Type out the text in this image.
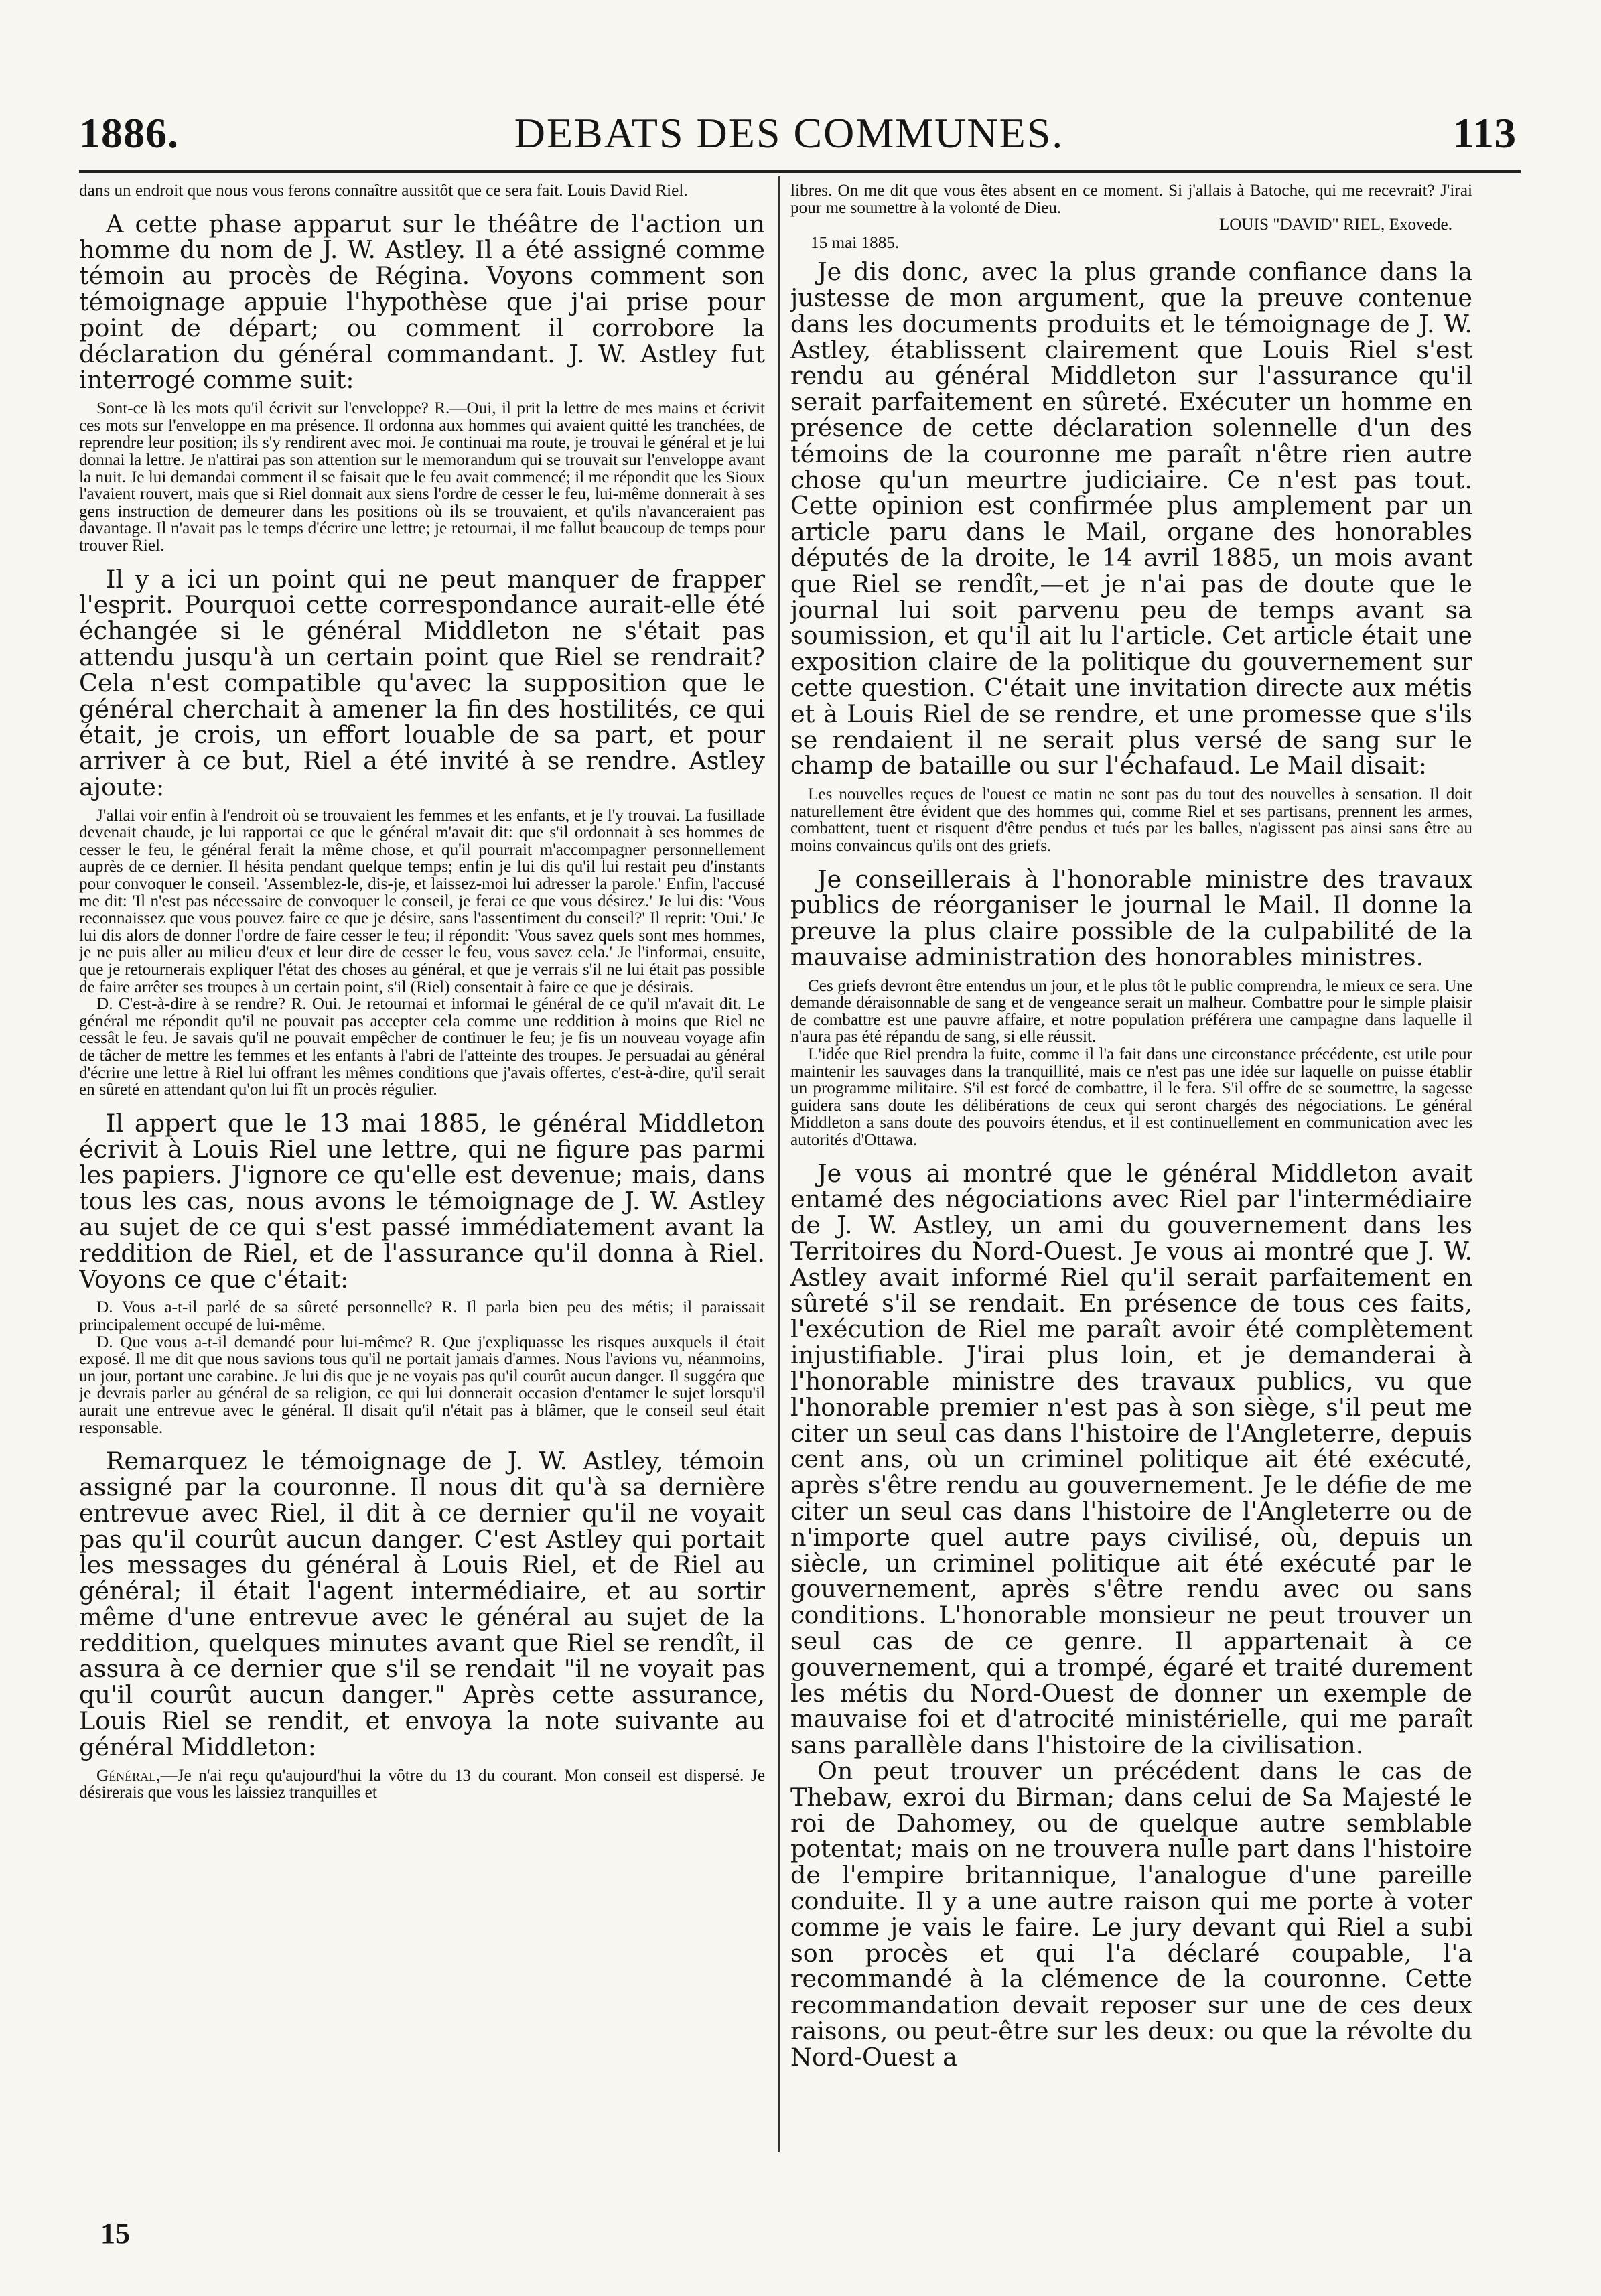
1886.	DEBATS DES COMMUNES.	113

dans un endroit que nous vous ferons connaître aussitôt que ce sera fait. Louis David Riel.

A cette phase apparut sur le théâtre de l'action un homme du nom de J. W. Astley. Il a été assigné comme témoin au procès de Régina. Voyons comment son témoignage appuie l'hypothèse que j'ai prise pour point de départ; ou comment il corrobore la déclaration du général commandant. J. W. Astley fut interrogé comme suit:

Sont-ce là les mots qu'il écrivit sur l'enveloppe? R.—Oui, il prit la lettre de mes mains et écrivit ces mots sur l'enveloppe en ma présence. Il ordonna aux hommes qui avaient quitté les tranchées, de reprendre leur position; ils s'y rendirent avec moi. Je continuai ma route, je trouvai le général et je lui donnai la lettre. Je n'attirai pas son attention sur le memorandum qui se trouvait sur l'enveloppe avant la nuit. Je lui demandai comment il se faisait que le feu avait commencé; il me répondit que les Sioux l'avaient rouvert, mais que si Riel donnait aux siens l'ordre de cesser le feu, lui-même donnerait à ses gens instruction de demeurer dans les positions où ils se trouvaient, et qu'ils n'avanceraient pas davantage. Il n'avait pas le temps d'écrire une lettre; je retournai, il me fallut beaucoup de temps pour trouver Riel.

Il y a ici un point qui ne peut manquer de frapper l'esprit. Pourquoi cette correspondance aurait-elle été échangée si le général Middleton ne s'était pas attendu jusqu'à un certain point que Riel se rendrait? Cela n'est compatible qu'avec la supposition que le général cherchait à amener la fin des hostilités, ce qui était, je crois, un effort louable de sa part, et pour arriver à ce but, Riel a été invité à se rendre. Astley ajoute:

J'allai voir enfin à l'endroit où se trouvaient les femmes et les enfants, et je l'y trouvai. La fusillade devenait chaude, je lui rapportai ce que le général m'avait dit: que s'il ordonnait à ses hommes de cesser le feu, le général ferait la même chose, et qu'il pourrait m'accompagner personnellement auprès de ce dernier. Il hésita pendant quelque temps; enfin je lui dis qu'il lui restait peu d'instants pour convoquer le conseil. 'Assemblez-le, dis-je, et laissez-moi lui adresser la parole.' Enfin, l'accusé me dit: 'Il n'est pas nécessaire de convoquer le conseil, je ferai ce que vous désirez.' Je lui dis: 'Vous reconnaissez que vous pouvez faire ce que je désire, sans l'assentiment du conseil?' Il reprit: 'Oui.' Je lui dis alors de donner l'ordre de faire cesser le feu; il répondit: 'Vous savez quels sont mes hommes, je ne puis aller au milieu d'eux et leur dire de cesser le feu, vous savez cela.' Je l'informai, ensuite, que je retournerais expliquer l'état des choses au général, et que je verrais s'il ne lui était pas possible de faire arrêter ses troupes à un certain point, s'il (Riel) consentait à faire ce que je désirais.

D. C'est-à-dire à se rendre? R. Oui. Je retournai et informai le général de ce qu'il m'avait dit. Le général me répondit qu'il ne pouvait pas accepter cela comme une reddition à moins que Riel ne cessât le feu. Je savais qu'il ne pouvait empêcher de continuer le feu; je fis un nouveau voyage afin de tâcher de mettre les femmes et les enfants à l'abri de l'atteinte des troupes. Je persuadai au général d'écrire une lettre à Riel lui offrant les mêmes conditions que j'avais offertes, c'est-à-dire, qu'il serait en sûreté en attendant qu'on lui fît un procès régulier.

Il appert que le 13 mai 1885, le général Middleton écrivit à Louis Riel une lettre, qui ne figure pas parmi les papiers. J'ignore ce qu'elle est devenue; mais, dans tous les cas, nous avons le témoignage de J. W. Astley au sujet de ce qui s'est passé immédiatement avant la reddition de Riel, et de l'assurance qu'il donna à Riel. Voyons ce que c'était:

D. Vous a-t-il parlé de sa sûreté personnelle? R. Il parla bien peu des métis; il paraissait principalement occupé de lui-même.

D. Que vous a-t-il demandé pour lui-même? R. Que j'expliquasse les risques auxquels il était exposé. Il me dit que nous savions tous qu'il ne portait jamais d'armes. Nous l'avions vu, néanmoins, un jour, portant une carabine. Je lui dis que je ne voyais pas qu'il courût aucun danger. Il suggéra que je devrais parler au général de sa religion, ce qui lui donnerait occasion d'entamer le sujet lorsqu'il aurait une entrevue avec le général. Il disait qu'il n'était pas à blâmer, que le conseil seul était responsable.

Remarquez le témoignage de J. W. Astley, témoin assigné par la couronne. Il nous dit qu'à sa dernière entrevue avec Riel, il dit à ce dernier qu'il ne voyait pas qu'il courût aucun danger. C'est Astley qui portait les messages du général à Louis Riel, et de Riel au général; il était l'agent intermédiaire, et au sortir même d'une entrevue avec le général au sujet de la reddition, quelques minutes avant que Riel se rendît, il assura à ce dernier que s'il se rendait "il ne voyait pas qu'il courût aucun danger." Après cette assurance, Louis Riel se rendit, et envoya la note suivante au général Middleton:

Général,—Je n'ai reçu qu'aujourd'hui la vôtre du 13 du courant. Mon conseil est dispersé. Je désirerais que vous les laissiez tranquilles et

15

libres. On me dit que vous êtes absent en ce moment. Si j'allais à Batoche, qui me recevrait? J'irai pour me soumettre à la volonté de Dieu.

LOUIS "DAVID" RIEL, Exovede.

15 mai 1885.

Je dis donc, avec la plus grande confiance dans la justesse de mon argument, que la preuve contenue dans les documents produits et le témoignage de J. W. Astley, établissent clairement que Louis Riel s'est rendu au général Middleton sur l'assurance qu'il serait parfaitement en sûreté. Exécuter un homme en présence de cette déclaration solennelle d'un des témoins de la couronne me paraît n'être rien autre chose qu'un meurtre judiciaire. Ce n'est pas tout. Cette opinion est confirmée plus amplement par un article paru dans le Mail, organe des honorables députés de la droite, le 14 avril 1885, un mois avant que Riel se rendît,—et je n'ai pas de doute que le journal lui soit parvenu peu de temps avant sa soumission, et qu'il ait lu l'article. Cet article était une exposition claire de la politique du gouvernement sur cette question. C'était une invitation directe aux métis et à Louis Riel de se rendre, et une promesse que s'ils se rendaient il ne serait plus versé de sang sur le champ de bataille ou sur l'échafaud. Le Mail disait:

Les nouvelles reçues de l'ouest ce matin ne sont pas du tout des nouvelles à sensation. Il doit naturellement être évident que des hommes qui, comme Riel et ses partisans, prennent les armes, combattent, tuent et risquent d'être pendus et tués par les balles, n'agissent pas ainsi sans être au moins convaincus qu'ils ont des griefs.

Je conseillerais à l'honorable ministre des travaux publics de réorganiser le journal le Mail. Il donne la preuve la plus claire possible de la culpabilité de la mauvaise administration des honorables ministres.

Ces griefs devront être entendus un jour, et le plus tôt le public comprendra, le mieux ce sera. Une demande déraisonnable de sang et de vengeance serait un malheur. Combattre pour le simple plaisir de combattre est une pauvre affaire, et notre population préférera une campagne dans laquelle il n'aura pas été répandu de sang, si elle réussit.

L'idée que Riel prendra la fuite, comme il l'a fait dans une circonstance précédente, est utile pour maintenir les sauvages dans la tranquillité, mais ce n'est pas une idée sur laquelle on puisse établir un programme militaire. S'il est forcé de combattre, il le fera. S'il offre de se soumettre, la sagesse guidera sans doute les délibérations de ceux qui seront chargés des négociations. Le général Middleton a sans doute des pouvoirs étendus, et il est continuellement en communication avec les autorités d'Ottawa.

Je vous ai montré que le général Middleton avait entamé des négociations avec Riel par l'intermédiaire de J. W. Astley, un ami du gouvernement dans les Territoires du Nord-Ouest. Je vous ai montré que J. W. Astley avait informé Riel qu'il serait parfaitement en sûreté s'il se rendait. En présence de tous ces faits, l'exécution de Riel me paraît avoir été complètement injustifiable. J'irai plus loin, et je demanderai à l'honorable ministre des travaux publics, vu que l'honorable premier n'est pas à son siège, s'il peut me citer un seul cas dans l'histoire de l'Angleterre, depuis cent ans, où un criminel politique ait été exécuté, après s'être rendu au gouvernement. Je le défie de me citer un seul cas dans l'histoire de l'Angleterre ou de n'importe quel autre pays civilisé, où, depuis un siècle, un criminel politique ait été exécuté par le gouvernement, après s'être rendu avec ou sans conditions. L'honorable monsieur ne peut trouver un seul cas de ce genre. Il appartenait à ce gouvernement, qui a trompé, égaré et traité durement les métis du Nord-Ouest de donner un exemple de mauvaise foi et d'atrocité ministérielle, qui me paraît sans parallèle dans l'histoire de la civilisation.

On peut trouver un précédent dans le cas de Thebaw, exroi du Birman; dans celui de Sa Majesté le roi de Dahomey, ou de quelque autre semblable potentat; mais on ne trouvera nulle part dans l'histoire de l'empire britannique, l'analogue d'une pareille conduite. Il y a une autre raison qui me porte à voter comme je vais le faire. Le jury devant qui Riel a subi son procès et qui l'a déclaré coupable, l'a recommandé à la clémence de la couronne. Cette recommandation devait reposer sur une de ces deux raisons, ou peut-être sur les deux: ou que la révolte du Nord-Ouest a
